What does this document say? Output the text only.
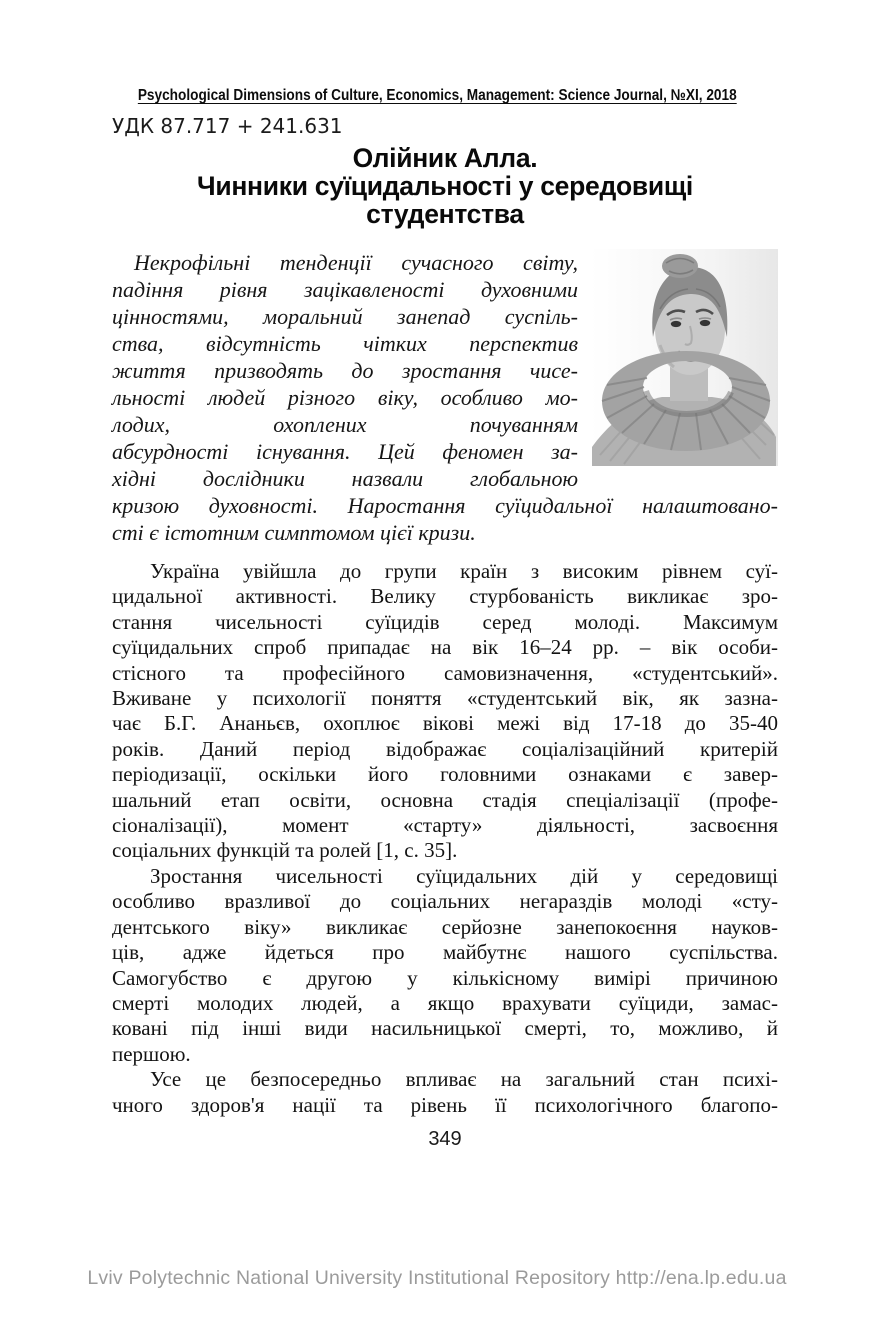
Psychological Dimensions of Culture, Economics, Management: Science Journal, №XI, 2018
УДК 87.717 + 241.631
Олійник Алла.
Чинники суїцидальності у середовищі
студентства
Некрофільні тенденції сучасного світу,
падіння рівня зацікавленості духовними
цінностями, моральний занепад суспіль-
ства, відсутність чітких перспектив
життя призводять до зростання чисе-
льності людей різного віку, особливо мо-
лодих, охоплених почуванням
абсурдності існування. Цей феномен за-
хідні дослідники назвали глобальною
кризою духовності. Наростання суїцидальної налаштовано-
сті є істотним симптомом цієї кризи.
Україна увійшла до групи країн з високим рівнем суї-
цидальної активності. Велику стурбованість викликає зро-
стання чисельності суїцидів серед молоді. Максимум
суїцидальних спроб припадає на вік 16–24 рр. – вік особи-
стісного та професійного самовизначення, «студентський».
Вживане у психології поняття «студентський вік, як зазна-
чає Б.Г. Ананьєв, охоплює вікові межі від 17-18 до 35-40
років. Даний період відображає соціалізаційний критерій
періодизації, оскільки його головними ознаками є завер-
шальний етап освіти, основна стадія спеціалізації (профе-
сіоналізації), момент «старту» діяльності, засвоєння
соціальних функцій та ролей [1, с. 35].
Зростання чисельності суїцидальних дій у середовищі
особливо вразливої до соціальних негараздів молоді «сту-
дентського віку» викликає серйозне занепокоєння науков-
ців, адже йдеться про майбутнє нашого суспільства.
Самогубство є другою у кількісному вимірі причиною
смерті молодих людей, а якщо врахувати суїциди, замас-
ковані під інші види насильницької смерті, то, можливо, й
першою.
Усе це безпосередньо впливає на загальний стан психі-
чного здоров'я нації та рівень її психологічного благопо-
349
Lviv Polytechnic National University Institutional Repository http://ena.lp.edu.ua
